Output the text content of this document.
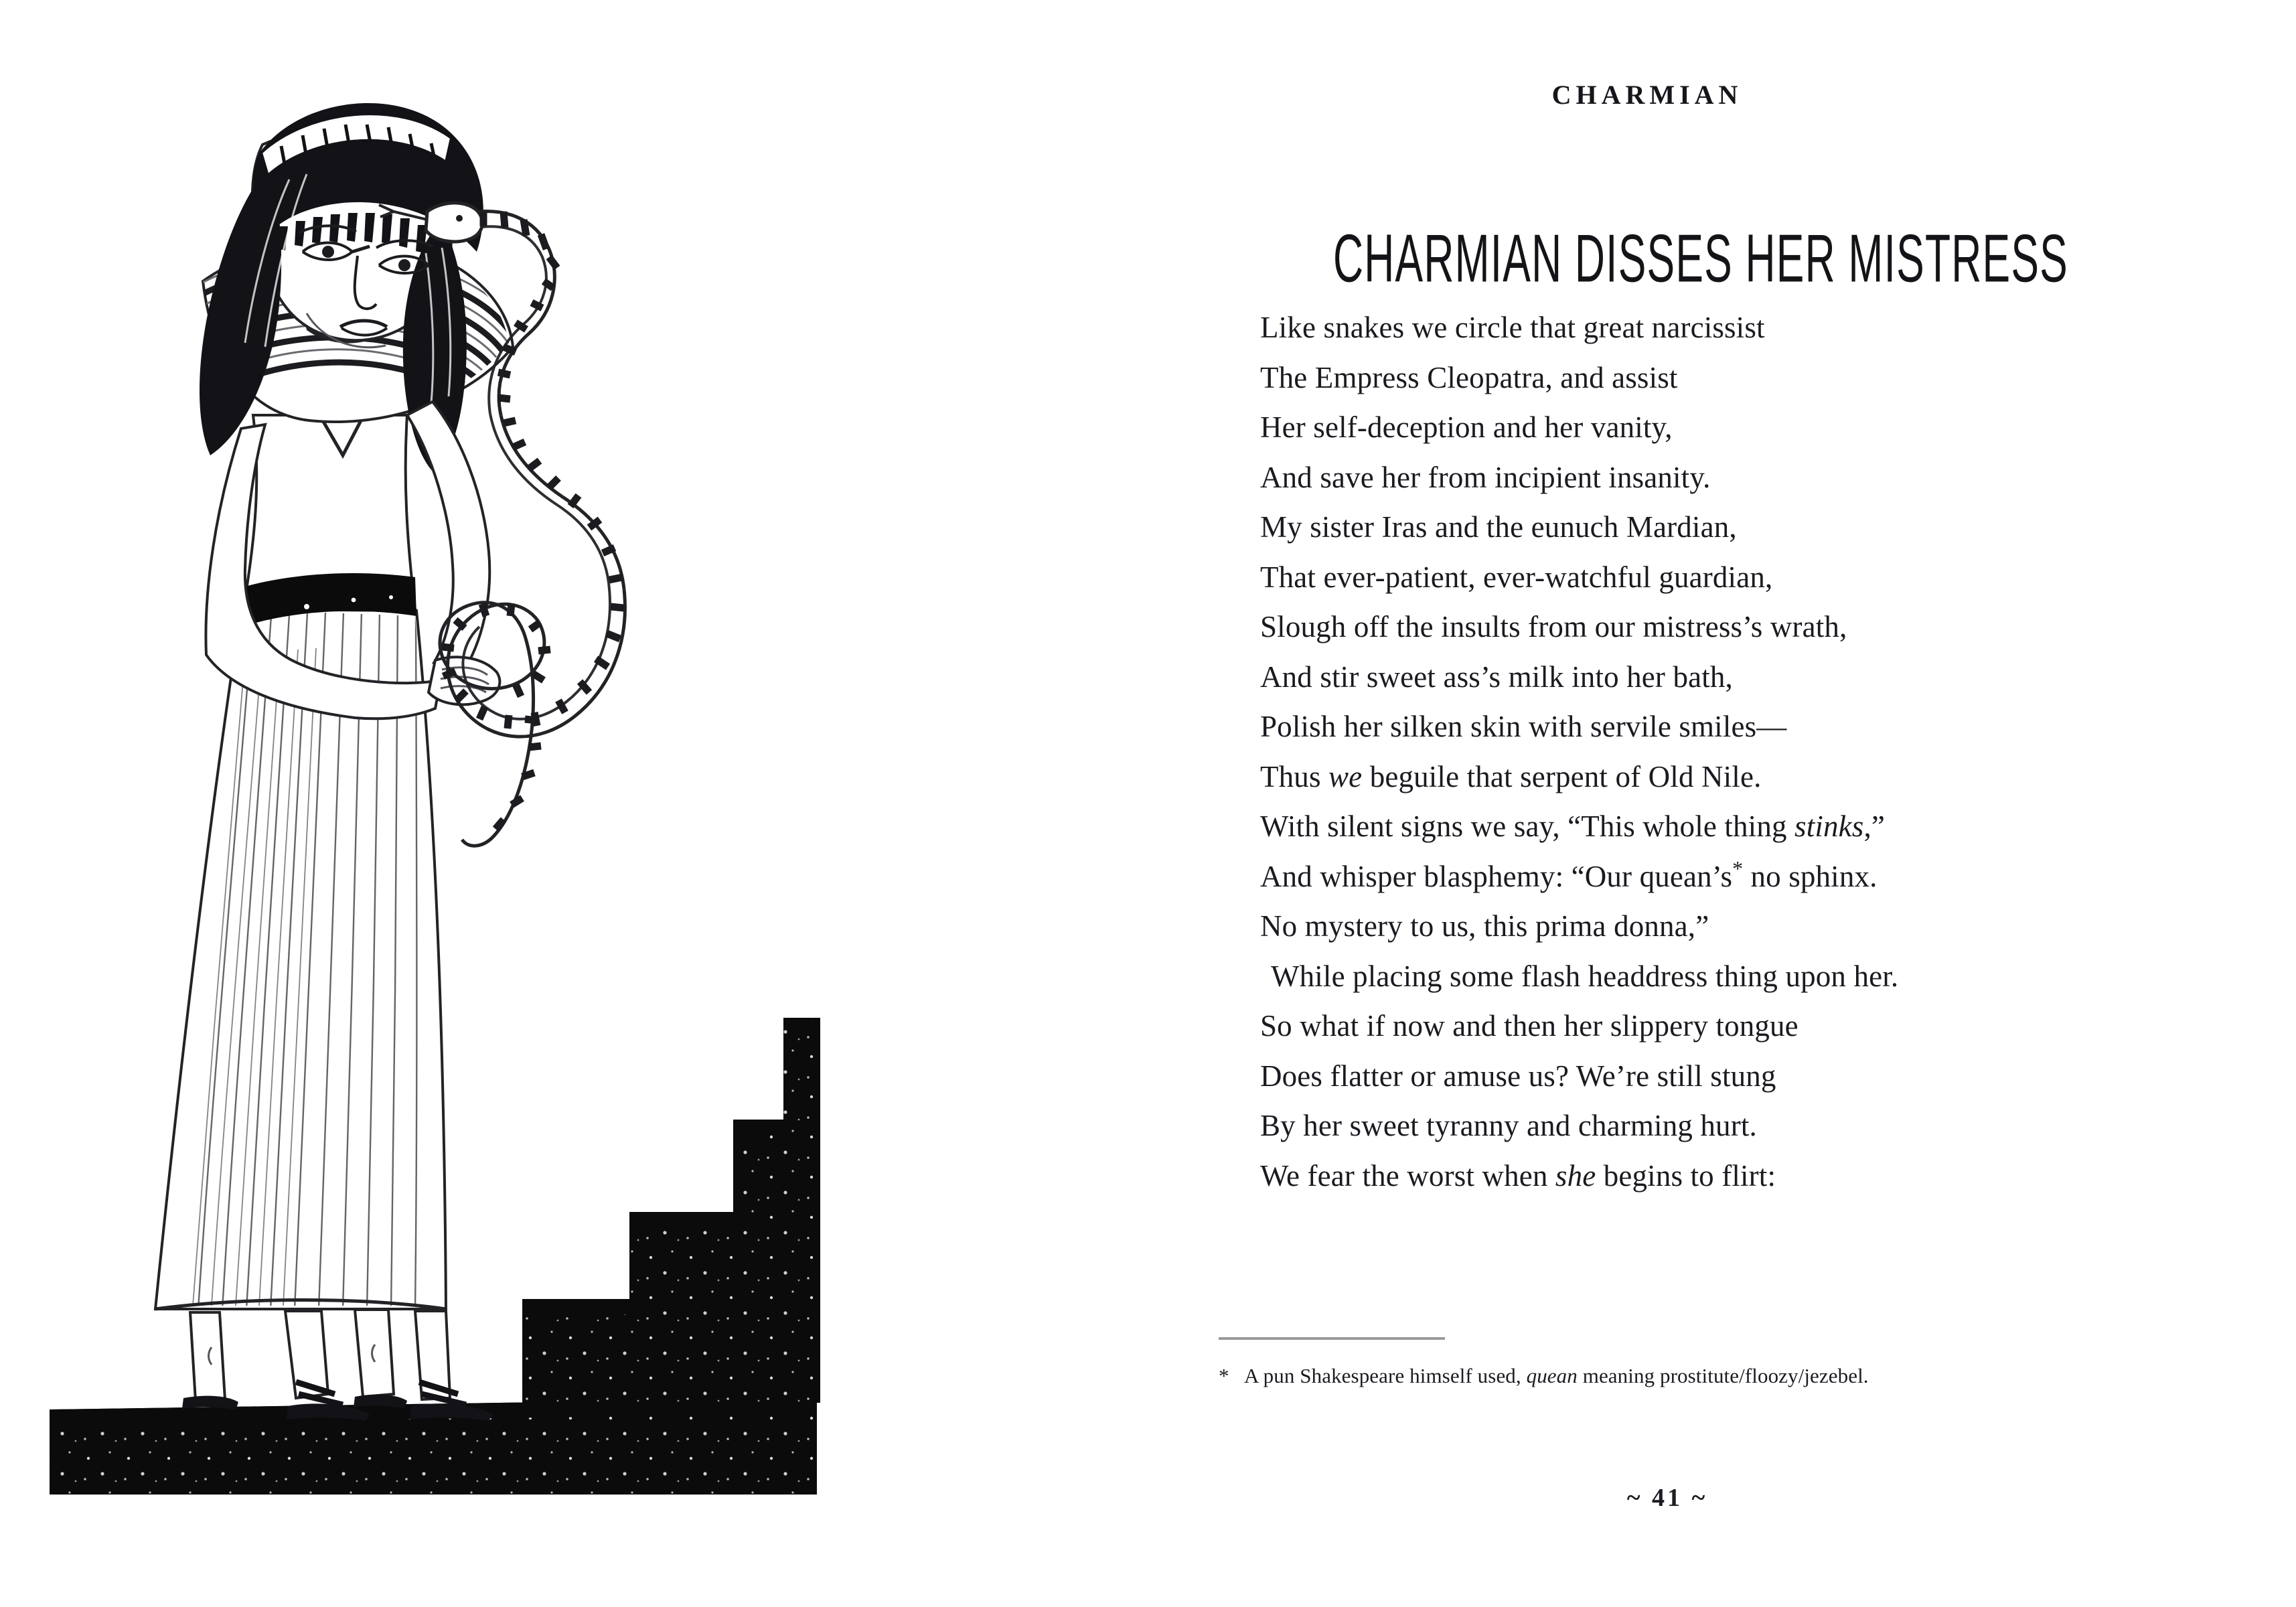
CHARMIAN
CHARMIAN DISSES HER MISTRESS
Like snakes we circle that great narcissist
The Empress Cleopatra, and assist
Her self-deception and her vanity,
And save her from incipient insanity.
My sister Iras and the eunuch Mardian,
That ever-patient, ever-watchful guardian,
Slough off the insults from our mistress’s wrath,
And stir sweet ass’s milk into her bath,
Polish her silken skin with servile smiles—
Thus we beguile that serpent of Old Nile.
With silent signs we say, “This whole thing stinks,”
And whisper blasphemy: “Our quean’s* no sphinx.
No mystery to us, this prima donna,”
While placing some flash headdress thing upon her.
So what if now and then her slippery tongue
Does flatter or amuse us? We’re still stung
By her sweet tyranny and charming hurt.
We fear the worst when she begins to flirt:
* A pun Shakespeare himself used, quean meaning prostitute/floozy/jezebel.
~ 41 ~
